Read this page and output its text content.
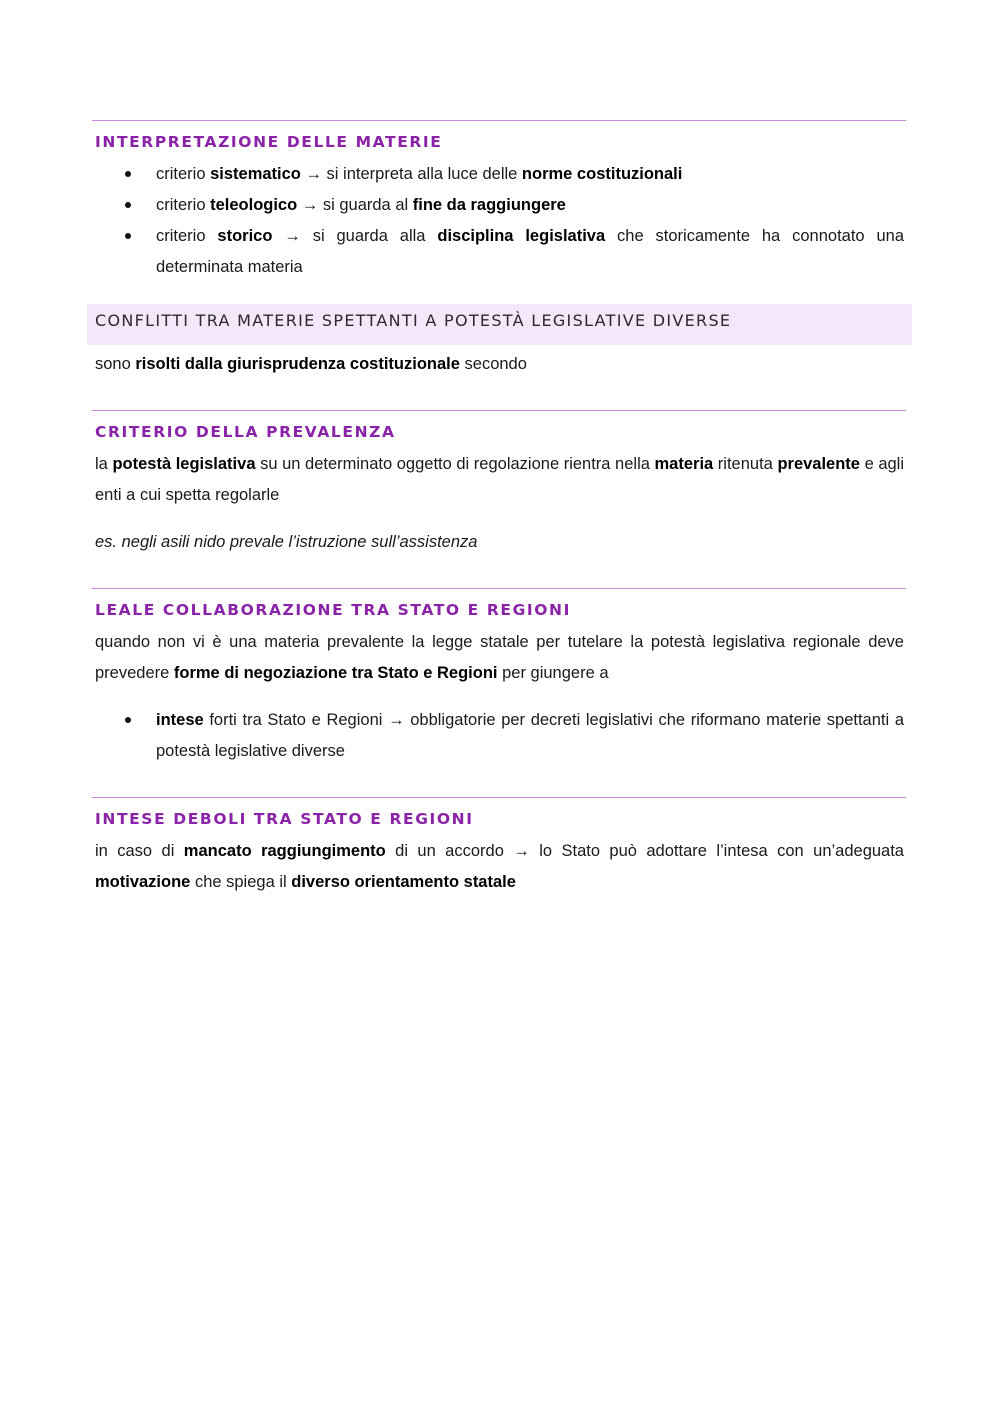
INTERPRETAZIONE DELLE MATERIE
criterio sistematico → si interpreta alla luce delle norme costituzionali
criterio teleologico → si guarda al fine da raggiungere
criterio storico → si guarda alla disciplina legislativa che storicamente ha connotato una determinata materia
CONFLITTI TRA MATERIE SPETTANTI A POTESTÀ LEGISLATIVE DIVERSE
sono risolti dalla giurisprudenza costituzionale secondo
CRITERIO DELLA PREVALENZA
la potestà legislativa su un determinato oggetto di regolazione rientra nella materia ritenuta prevalente e agli enti a cui spetta regolarle
es. negli asili nido prevale l’istruzione sull’assistenza
LEALE COLLABORAZIONE TRA STATO E REGIONI
quando non vi è una materia prevalente la legge statale per tutelare la potestà legislativa regionale deve prevedere forme di negoziazione tra Stato e Regioni per giungere a
intese forti tra Stato e Regioni → obbligatorie per decreti legislativi che riformano materie spettanti a potestà legislative diverse
INTESE DEBOLI TRA STATO E REGIONI
in caso di mancato raggiungimento di un accordo → lo Stato può adottare l’intesa con un’adeguata motivazione che spiega il diverso orientamento statale
